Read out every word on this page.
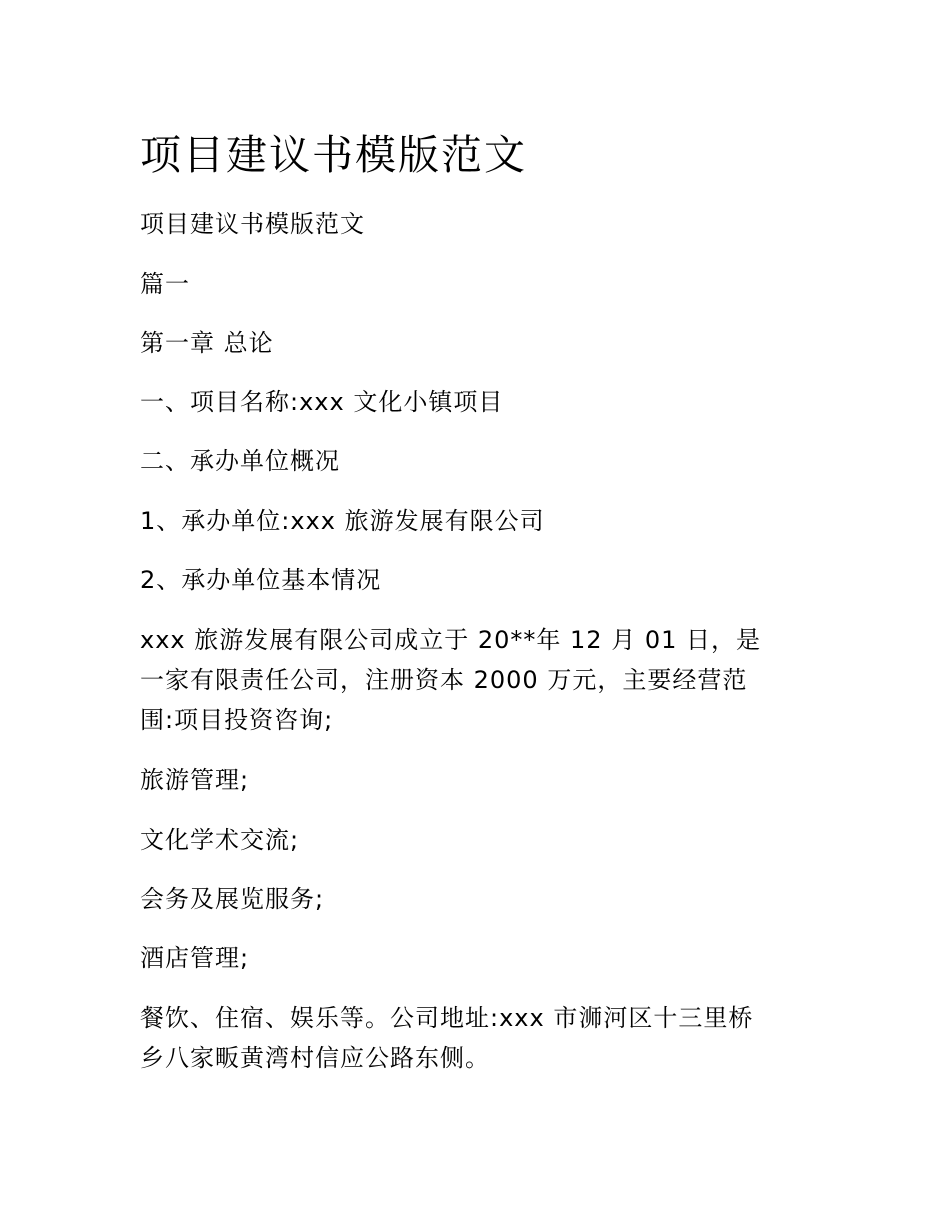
项目建议书模版范文

项目建议书模版范文

篇一

第一章 总论

一、项目名称:xxx 文化小镇项目

二、承办单位概况

1、承办单位:xxx 旅游发展有限公司

2、承办单位基本情况

xxx 旅游发展有限公司成立于 20**年 12 月 01 日，是
一家有限责任公司，注册资本 2000 万元，主要经营范
围:项目投资咨询;

旅游管理;

文化学术交流;

会务及展览服务;

酒店管理;

餐饮、住宿、娱乐等。公司地址:xxx 市浉河区十三里桥
乡八家畈黄湾村信应公路东侧。
